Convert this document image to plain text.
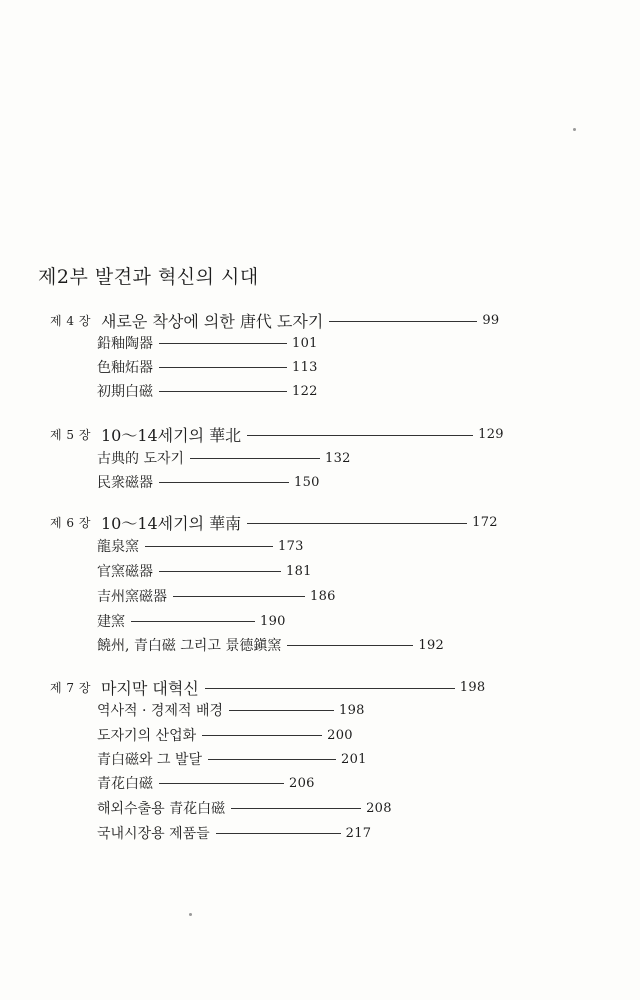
제2부 발견과 혁신의 시대
제 4 장 새로운 착상에 의한 唐代 도자기	99
鉛釉陶器	101
色釉炻器	113
初期白磁	122
제 5 장 10～14세기의 華北	129
古典的 도자기	132
民衆磁器	150
제 6 장 10～14세기의 華南	172
龍泉窯	173
官窯磁器	181
吉州窯磁器	186
建窯	190
饒州, 青白磁 그리고 景德鎭窯	192
제 7 장 마지막 대혁신	198
역사적 · 경제적 배경	198
도자기의 산업화	200
青白磁와 그 발달	201
青花白磁	206
해외수출용 青花白磁	208
국내시장용 제품들	217
